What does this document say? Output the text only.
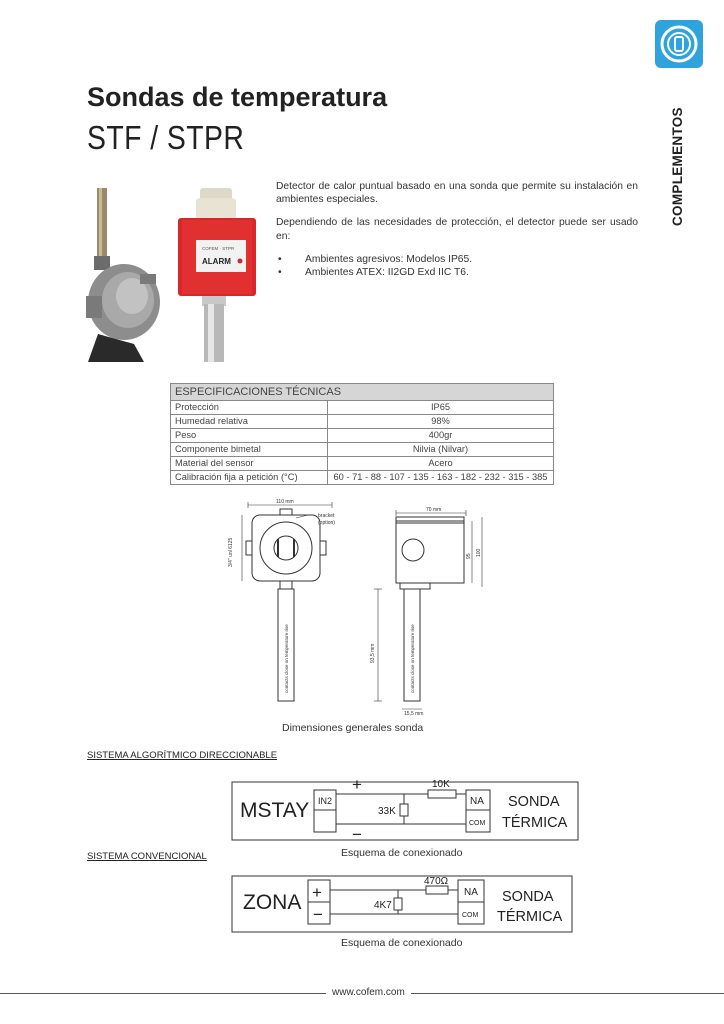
COMPLEMENTOS
Sondas de temperatura
STF / STPR
COFEM · STPR
ALARM

Detector de calor puntual basado en una sonda que permite su instalación en ambientes especiales.

Dependiendo de las necesidades de protección, el detector puede ser usado en:

• Ambientes agresivos: Modelos IP65.
• Ambientes ATEX: II2GD Exd IIC T6.
ESPECIFICACIONES TÉCNICAS	
Protección	IP65
Humedad relativa	98%
Peso	400gr
Componente bimetal	Nilvia (Nilvar)
Material del sensor	Acero
Calibración fija a petición (°C)	60 - 71 - 88 - 107 - 135 - 163 - 182 - 232 - 315 - 385
110 mm
bracket
(option)
3/4" unl 6125
contacts close on temperature rise
70 mm
95 100
93,5 mm
15,5 mm
contacts close on temperature rise
Dimensiones generales sonda
SISTEMA ALGORÍTMICO DIRECCIONABLE
MSTAY IN2
+
−
10K
33K
NA
COM
SONDA
TÉRMICA
Esquema de conexionado
SISTEMA CONVENCIONAL
ZONA +
−
470Ω
4K7
NA
COM
SONDA
TÉRMICA
Esquema de conexionado
www.cofem.com
